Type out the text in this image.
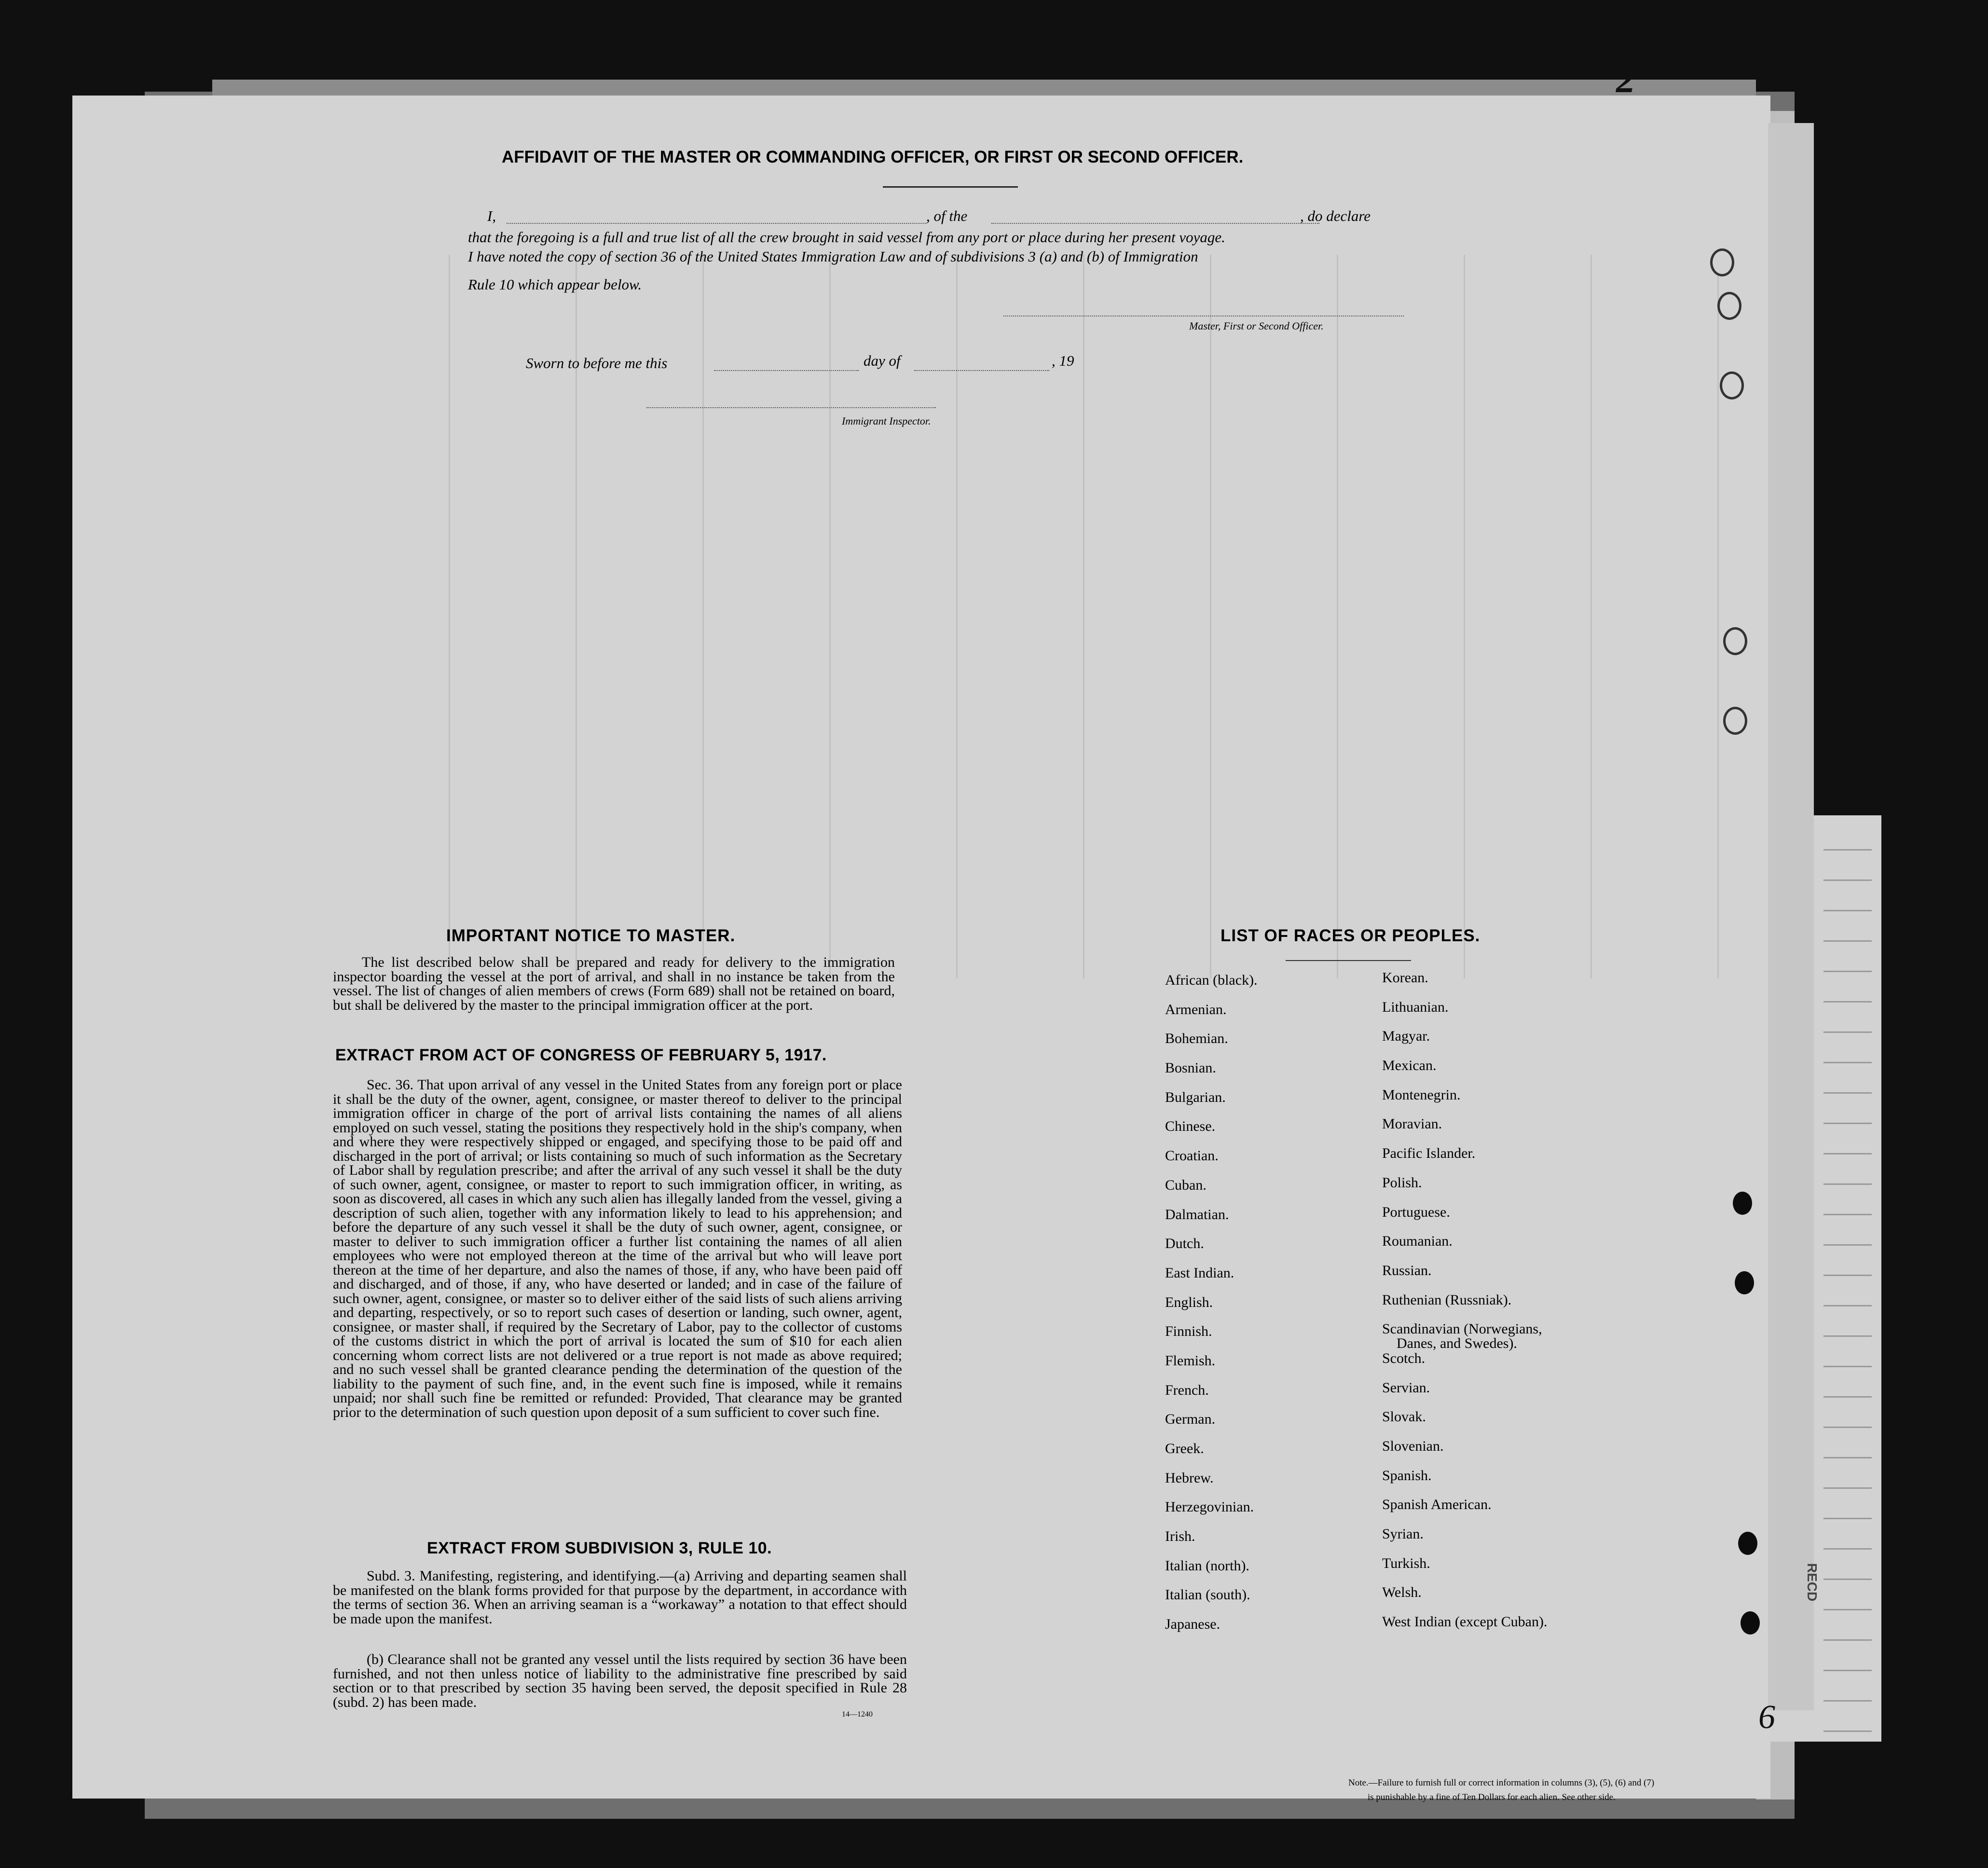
2
6
AFFIDAVIT OF THE MASTER OR COMMANDING OFFICER, OR FIRST OR SECOND OFFICER.
I,	, of the	, do declare
that the foregoing is a full and true list of all the crew brought in said vessel from any port or place during her present voyage.
I have noted the copy of section 36 of the United States Immigration Law and of subdivisions 3 (a) and (b) of Immigration
Rule 10 which appear below.
Master, First or Second Officer.
Sworn to before me this	day of	, 19
Immigrant Inspector.
IMPORTANT NOTICE TO MASTER.
The list described below shall be prepared and ready for delivery to the immigration inspector boarding the vessel at the port of arrival, and shall in no instance be taken from the vessel. The list of changes of alien members of crews (Form 689) shall not be retained on board, but shall be delivered by the master to the principal immigration officer at the port.
EXTRACT FROM ACT OF CONGRESS OF FEBRUARY 5, 1917.
Sec. 36. That upon arrival of any vessel in the United States from any foreign port or place it shall be the duty of the owner, agent, consignee, or master thereof to deliver to the principal immigration officer in charge of the port of arrival lists containing the names of all aliens employed on such vessel, stating the positions they respectively hold in the ship's company, when and where they were respectively shipped or engaged, and specifying those to be paid off and discharged in the port of arrival; or lists containing so much of such information as the Secretary of Labor shall by regulation prescribe; and after the arrival of any such vessel it shall be the duty of such owner, agent, consignee, or master to report to such immigration officer, in writing, as soon as discovered, all cases in which any such alien has illegally landed from the vessel, giving a description of such alien, together with any information likely to lead to his apprehension; and before the departure of any such vessel it shall be the duty of such owner, agent, consignee, or master to deliver to such immigration officer a further list containing the names of all alien employees who were not employed thereon at the time of the arrival but who will leave port thereon at the time of her departure, and also the names of those, if any, who have been paid off and discharged, and of those, if any, who have deserted or landed; and in case of the failure of such owner, agent, consignee, or master so to deliver either of the said lists of such aliens arriving and departing, respectively, or so to report such cases of desertion or landing, such owner, agent, consignee, or master shall, if required by the Secretary of Labor, pay to the collector of customs of the customs district in which the port of arrival is located the sum of $10 for each alien concerning whom correct lists are not delivered or a true report is not made as above required; and no such vessel shall be granted clearance pending the determination of the question of the liability to the payment of such fine, and, in the event such fine is imposed, while it remains unpaid; nor shall such fine be remitted or refunded: Provided, That clearance may be granted prior to the determination of such question upon deposit of a sum sufficient to cover such fine.
EXTRACT FROM SUBDIVISION 3, RULE 10.
Subd. 3. Manifesting, registering, and identifying.—(a) Arriving and departing seamen shall be manifested on the blank forms provided for that purpose by the department, in accordance with the terms of section 36. When an arriving seaman is a “workaway” a notation to that effect should be made upon the manifest.
(b) Clearance shall not be granted any vessel until the lists required by section 36 have been furnished, and not then unless notice of liability to the administrative fine prescribed by said section or to that prescribed by section 35 having been served, the deposit specified in Rule 28 (subd. 2) has been made.
14—1240
LIST OF RACES OR PEOPLES.
African (black).
Armenian.
Bohemian.
Bosnian.
Bulgarian.
Chinese.
Croatian.
Cuban.
Dalmatian.
Dutch.
East Indian.
English.
Finnish.
Flemish.
French.
German.
Greek.
Hebrew.
Herzegovinian.
Irish.
Italian (north).
Italian (south).
Japanese.
Korean.
Lithuanian.
Magyar.
Mexican.
Montenegrin.
Moravian.
Pacific Islander.
Polish.
Portuguese.
Roumanian.
Russian.
Ruthenian (Russniak).
Scandinavian (Norwegians,
Danes, and Swedes).
Scotch.
Servian.
Slovak.
Slovenian.
Spanish.
Spanish American.
Syrian.
Turkish.
Welsh.
West Indian (except Cuban).
RECD
Note.—Failure to furnish full or correct information in columns (3), (5), (6) and (7)
is punishable by a fine of Ten Dollars for each alien. See other side.
